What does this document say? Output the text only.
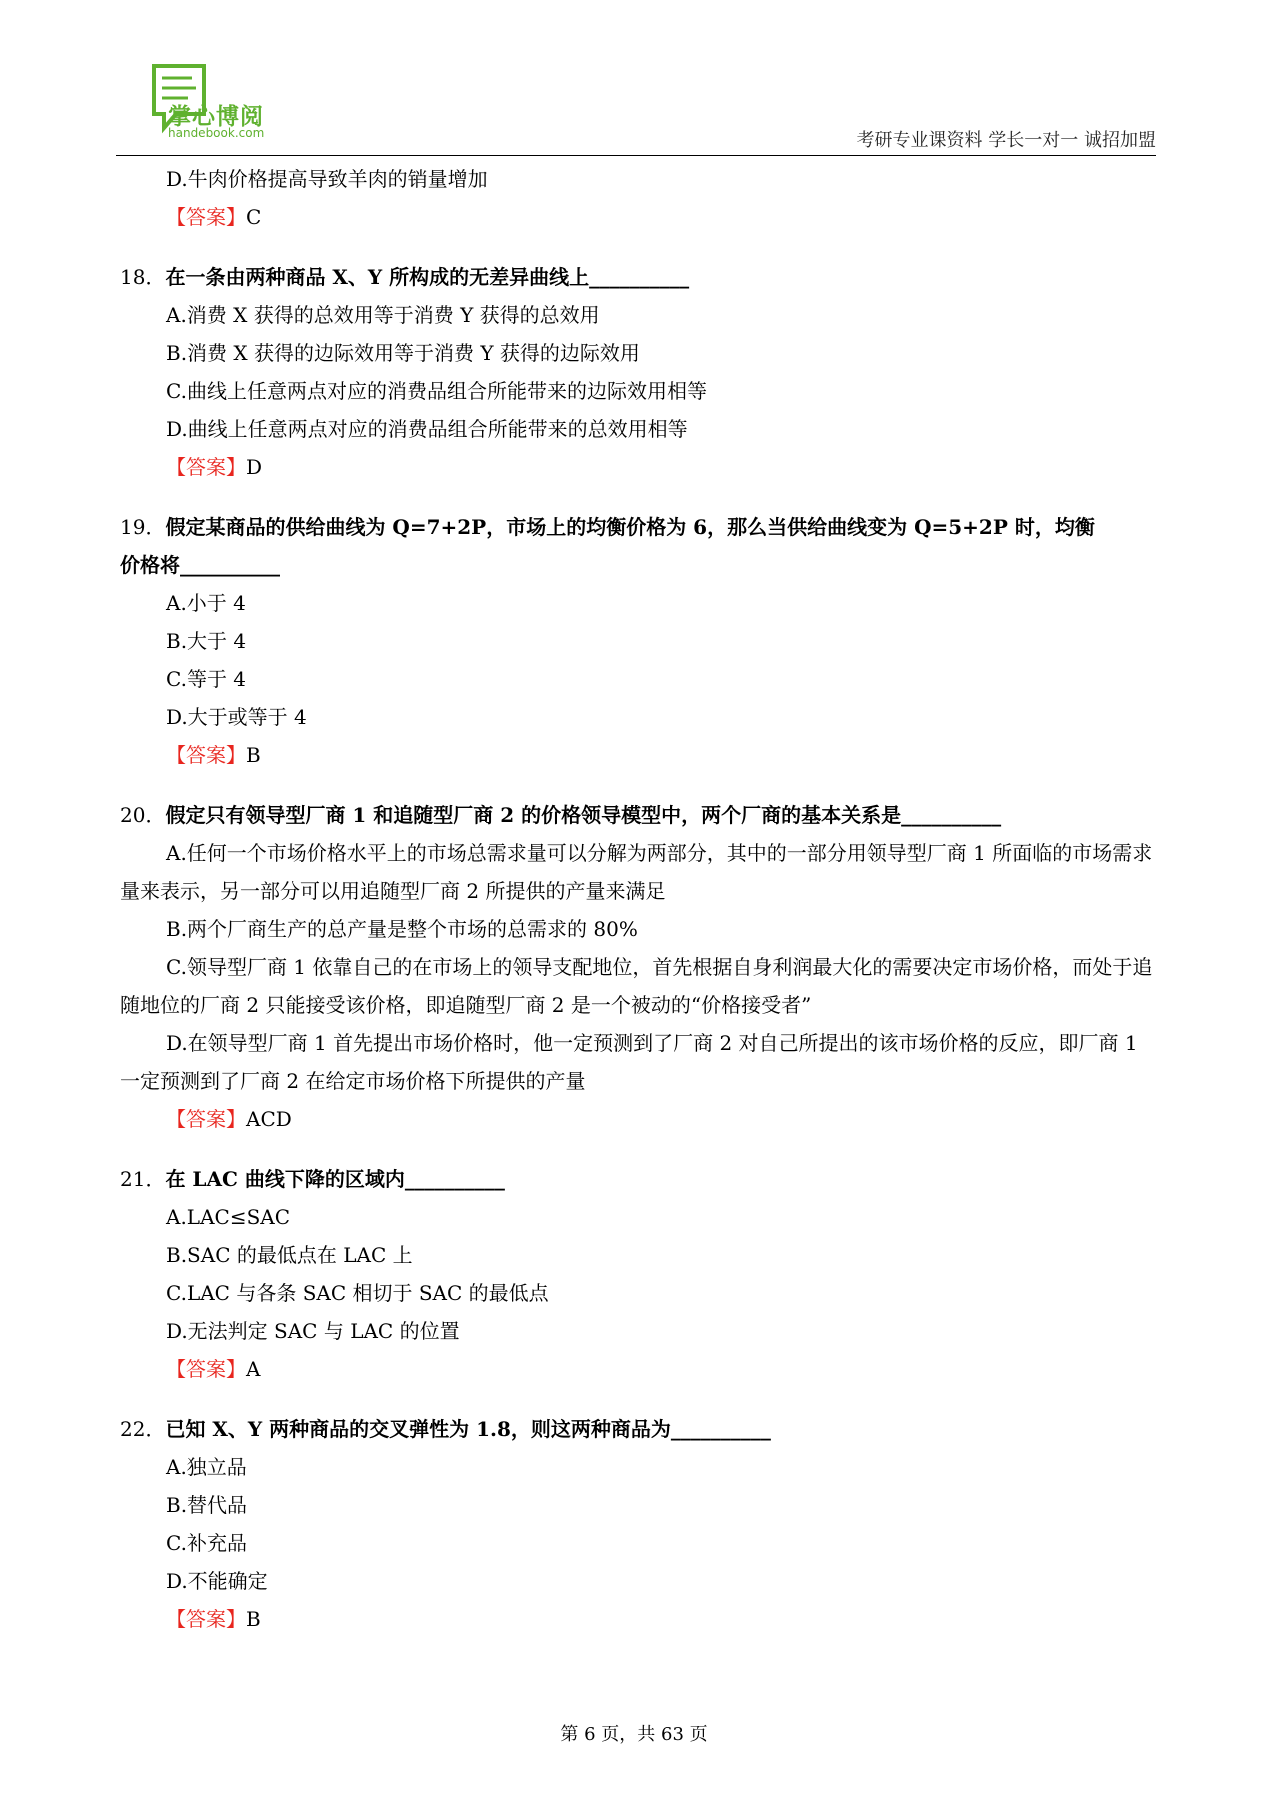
掌心博阅
handebook.com	考研专业课资料 学长一对一 诚招加盟
D.牛肉价格提高导致羊肉的销量增加
【答案】C
18．在一条由两种商品 X、Y 所构成的无差异曲线上__________
A.消费 X 获得的总效用等于消费 Y 获得的总效用
B.消费 X 获得的边际效用等于消费 Y 获得的边际效用
C.曲线上任意两点对应的消费品组合所能带来的边际效用相等
D.曲线上任意两点对应的消费品组合所能带来的总效用相等
【答案】D
19．假定某商品的供给曲线为 Q=7+2P，市场上的均衡价格为 6，那么当供给曲线变为 Q=5+2P 时，均衡
价格将__________
A.小于 4
B.大于 4
C.等于 4
D.大于或等于 4
【答案】B
20．假定只有领导型厂商 1 和追随型厂商 2 的价格领导模型中，两个厂商的基本关系是__________
A.任何一个市场价格水平上的市场总需求量可以分解为两部分，其中的一部分用领导型厂商 1 所面临的市场需求量来表示，另一部分可以用追随型厂商 2 所提供的产量来满足
B.两个厂商生产的总产量是整个市场的总需求的 80%
C.领导型厂商 1 依靠自己的在市场上的领导支配地位，首先根据自身利润最大化的需要决定市场价格，而处于追随地位的厂商 2 只能接受该价格，即追随型厂商 2 是一个被动的“价格接受者”
D.在领导型厂商 1 首先提出市场价格时，他一定预测到了厂商 2 对自己所提出的该市场价格的反应，即厂商 1 一定预测到了厂商 2 在给定市场价格下所提供的产量
【答案】ACD
21．在 LAC 曲线下降的区域内__________
A.LAC≤SAC
B.SAC 的最低点在 LAC 上
C.LAC 与各条 SAC 相切于 SAC 的最低点
D.无法判定 SAC 与 LAC 的位置
【答案】A
22．已知 X、Y 两种商品的交叉弹性为 1.8，则这两种商品为__________
A.独立品
B.替代品
C.补充品
D.不能确定
【答案】B
第 6 页，共 63 页
